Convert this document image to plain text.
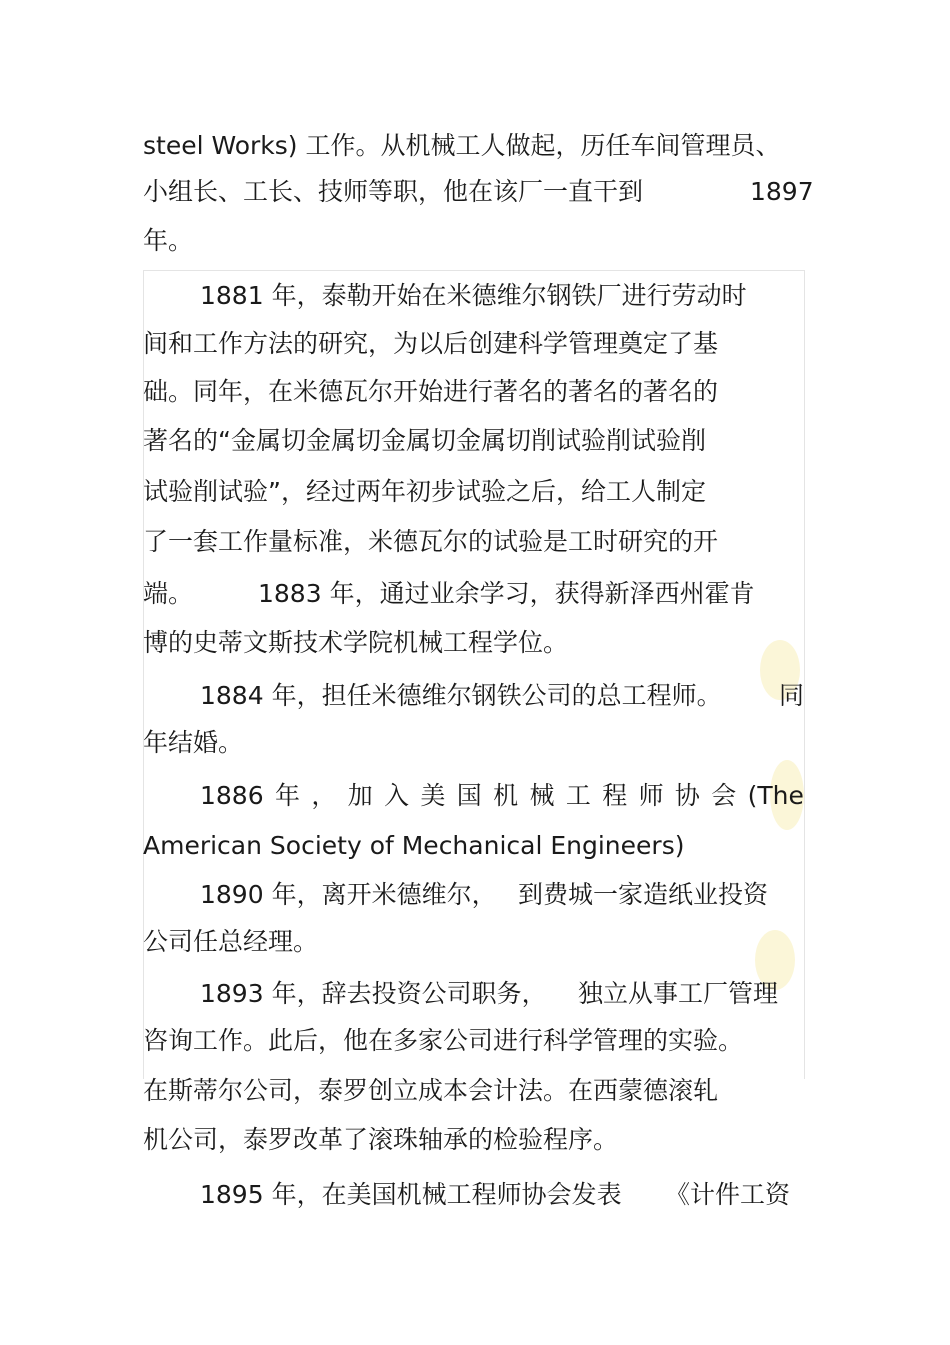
steel Works) 工作。从机械工人做起，历任车间管理员、
小组长、工长、技师等职，他在该厂一直干到	1897
年。
1881 年，泰勒开始在米德维尔钢铁厂进行劳动时
间和工作方法的研究，为以后创建科学管理奠定了基
础。同年，在米德瓦尔开始进行著名的著名的著名的
著名的“金属切金属切金属切金属切削试验削试验削
试验削试验”，经过两年初步试验之后，给工人制定
了一套工作量标准，米德瓦尔的试验是工时研究的开
端。	1883 年，通过业余学习，获得新泽西州霍肯
博的史蒂文斯技术学院机械工程学位。
1884 年，担任米德维尔钢铁公司的总工程师。 同
年结婚。
1886 年 ， 加 入 美 国 机 械 工 程 师 协 会 (The
American Society of Mechanical Engineers)
1890 年，离开米德维尔， 到费城一家造纸业投资
公司任总经理。
1893 年，辞去投资公司职务， 独立从事工厂管理
咨询工作。此后，他在多家公司进行科学管理的实验。
在斯蒂尔公司，泰罗创立成本会计法。在西蒙德滚轧
机公司，泰罗改革了滚珠轴承的检验程序。
1895 年，在美国机械工程师协会发表 《计件工资
